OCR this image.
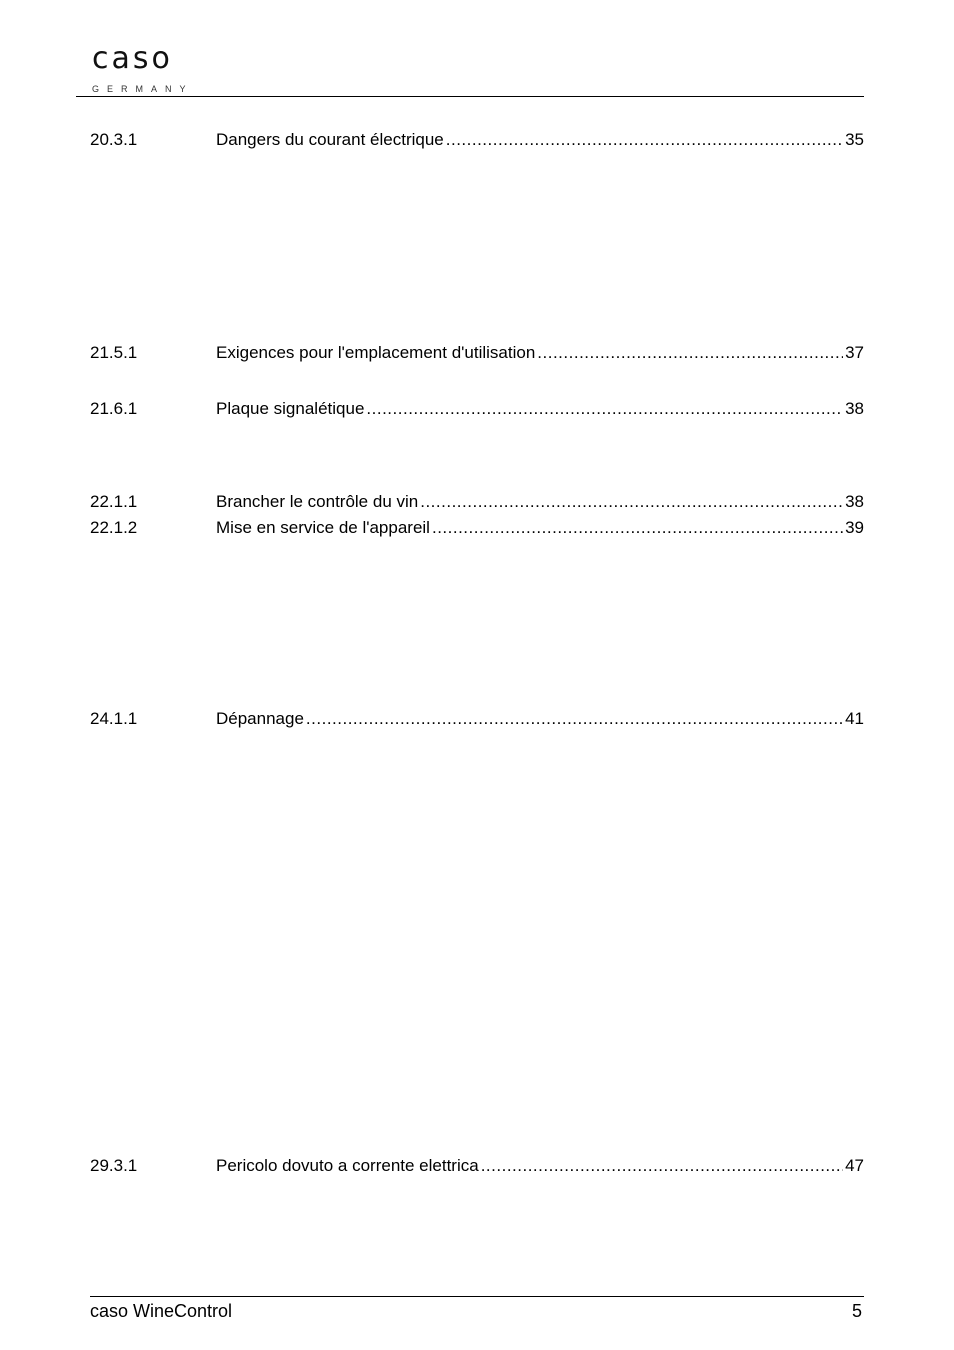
caso
GERMANY
20.3.1	Dangers du courant électrique .....	35
21.5.1	Exigences pour l'emplacement d'utilisation .....	37
21.6.1	Plaque signalétique .....	38
22.1.1	Brancher le contrôle du vin .....	38
22.1.2	Mise en service de l'appareil .....	39
24.1.1	Dépannage .....	41
29.3.1	Pericolo dovuto a corrente elettrica .....	47
caso WineControl	5
